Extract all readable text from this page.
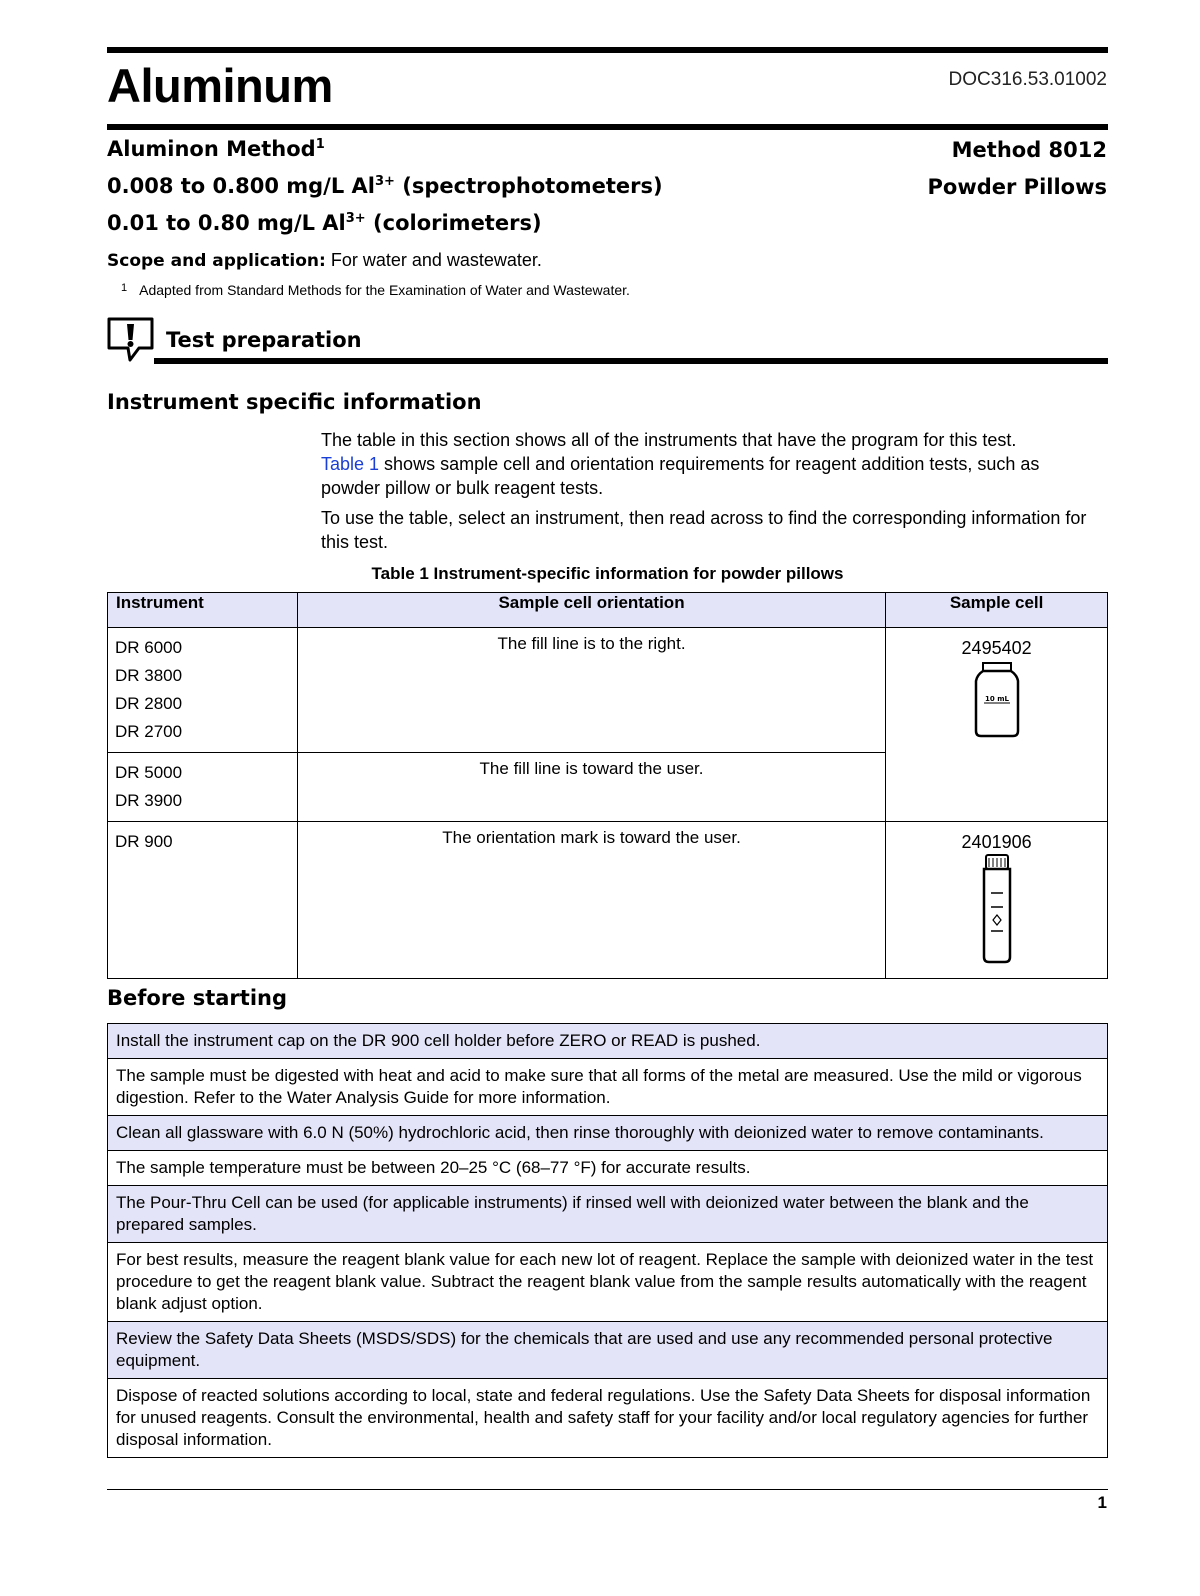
Aluminum	DOC316.53.01002
Aluminon Method$^1$	Method 8012
0.008 to 0.800 mg/L $Al^{3+}$ (spectrophotometers)	Powder Pillows
0.01 to 0.80 mg/L $Al^{3+}$ (colorimeters)
Scope and application: For water and wastewater.
$^1$ Adapted from Standard Methods for the Examination of Water and Wastewater.
Test preparation
Instrument specific information
The table in this section shows all of the instruments that have the program for this test.
Table 1 shows sample cell and orientation requirements for reagent addition tests, such as powder pillow or bulk reagent tests.
To use the table, select an instrument, then read across to find the corresponding information for this test.
Table 1 Instrument-specific information for powder pillows
Instrument	Sample cell orientation	Sample cell

DR 6000
DR 3800
DR 2800
DR 2700	The fill line is to the right.	2495402
10 mL

DR 5000
DR 3900	The fill line is toward the user.	

DR 900	The orientation mark is toward the user.	2401906
Before starting
Install the instrument cap on the DR 900 cell holder before ZERO or READ is pushed.
The sample must be digested with heat and acid to make sure that all forms of the metal are measured. Use the mild or vigorous digestion. Refer to the Water Analysis Guide for more information.
Clean all glassware with 6.0 N (50%) hydrochloric acid, then rinse thoroughly with deionized water to remove contaminants.
The sample temperature must be between 20–25 °C (68–77 °F) for accurate results.
The Pour-Thru Cell can be used (for applicable instruments) if rinsed well with deionized water between the blank and the prepared samples.
For best results, measure the reagent blank value for each new lot of reagent. Replace the sample with deionized water in the test procedure to get the reagent blank value. Subtract the reagent blank value from the sample results automatically with the reagent blank adjust option.
Review the Safety Data Sheets (MSDS/SDS) for the chemicals that are used and use any recommended personal protective equipment.
Dispose of reacted solutions according to local, state and federal regulations. Use the Safety Data Sheets for disposal information for unused reagents. Consult the environmental, health and safety staff for your facility and/or local regulatory agencies for further disposal information.
1
